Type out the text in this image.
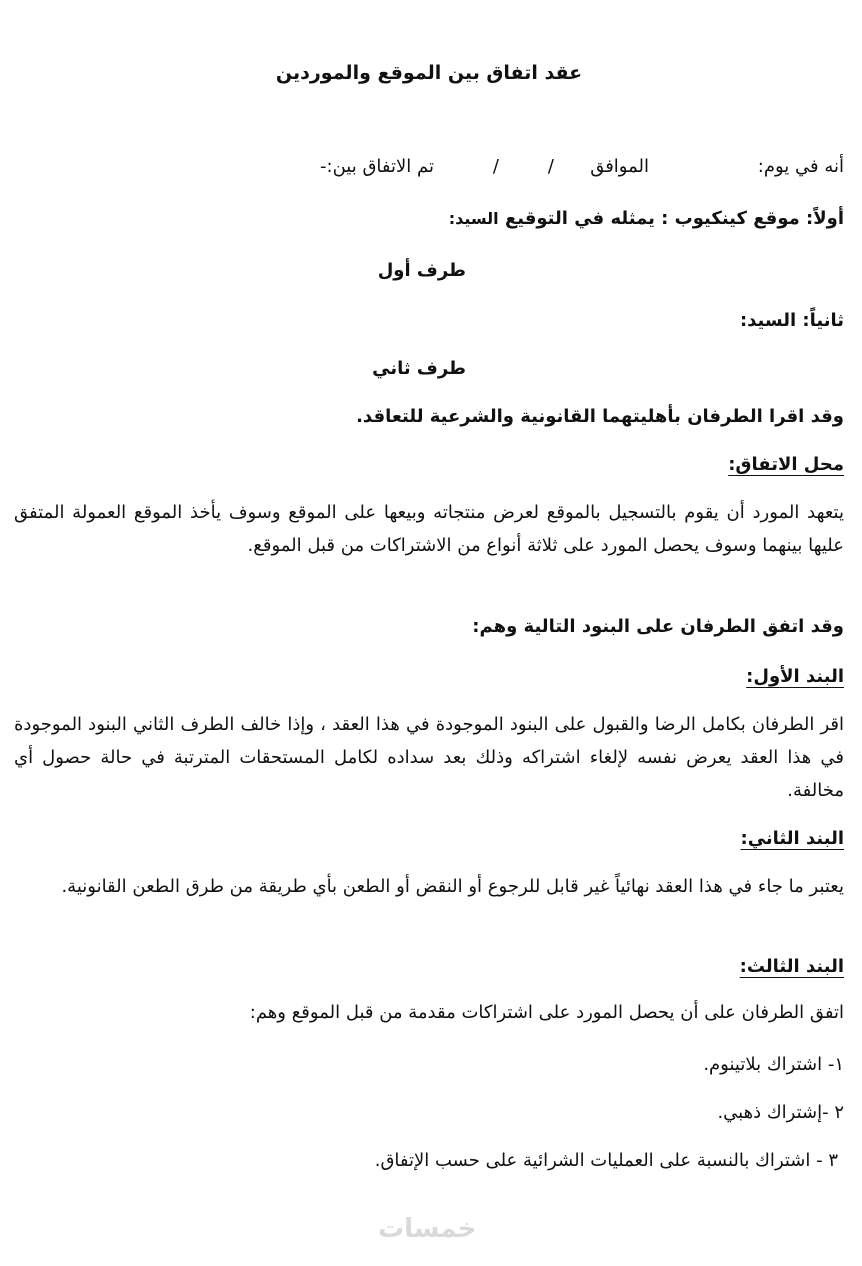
عقد اتفاق بين الموقع والموردين
أنه في يوم:
الموافق
/
/
تم الاتفاق بين:-
أولاً: موقع كينكيوب : يمثله في التوقيع السيد:
طرف أول
ثانياً: السيد:
طرف ثاني
وقد اقرا الطرفان بأهليتهما القانونية والشرعية للتعاقد.
محل الاتفاق:
يتعهد المورد أن يقوم بالتسجيل بالموقع لعرض منتجاته وبيعها على الموقع وسوف يأخذ الموقع العمولة المتفق عليها بينهما وسوف يحصل المورد على ثلاثة أنواع من الاشتراكات من قبل الموقع.
وقد اتفق الطرفان على البنود التالية وهم:
البند الأول:
اقر الطرفان بكامل الرضا والقبول على البنود الموجودة في هذا العقد ، وإذا خالف الطرف الثاني البنود الموجودة في هذا العقد يعرض نفسه لإلغاء اشتراكه وذلك بعد سداده لكامل المستحقات المترتبة في حالة حصول أي مخالفة.
البند الثاني:
يعتبر ما جاء في هذا العقد نهائياً غير قابل للرجوع أو النقض أو الطعن بأي طريقة من طرق الطعن القانونية.
البند الثالث:
اتفق الطرفان على أن يحصل المورد على اشتراكات مقدمة من قبل الموقع وهم:
١- اشتراك بلاتينوم.
٢ -إشتراك ذهبي.
٣ - اشتراك بالنسبة على العمليات الشرائية على حسب الإتفاق.
خمسات
